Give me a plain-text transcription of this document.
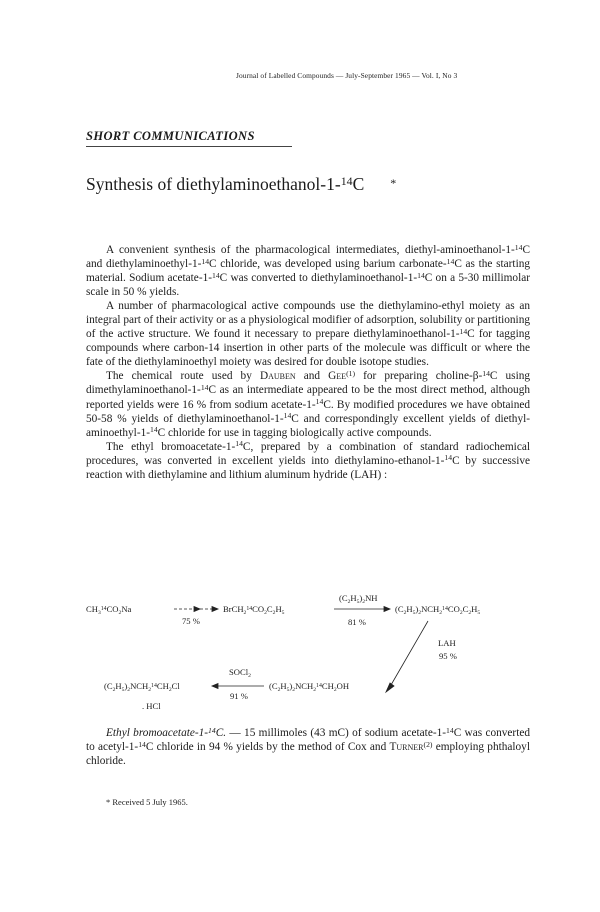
Journal of Labelled Compounds — July-September 1965 — Vol. I, No 3
SHORT COMMUNICATIONS
Synthesis of diethylaminoethanol-1-$^{14}$C *

A convenient synthesis of the pharmacological intermediates, diethyl-aminoethanol-1-$^{14}$C and diethylaminoethyl-1-$^{14}$C chloride, was developed using barium carbonate-$^{14}$C as the starting material. Sodium acetate-1-$^{14}$C was converted to diethylaminoethanol-1-$^{14}$C on a 5-30 millimolar scale in 50 % yields.

A number of pharmacological active compounds use the diethylamino-ethyl moiety as an integral part of their activity or as a physiological modifier of adsorption, solubility or partitioning of the active structure. We found it necessary to prepare diethylaminoethanol-1-$^{14}$C for tagging compounds where carbon-14 insertion in other parts of the molecule was difficult or where the fate of the diethylaminoethyl moiety was desired for double isotope studies.

The chemical route used by Dauben and Gee$^{(1)}$ for preparing choline-β-$^{14}$C using dimethylaminoethanol-1-$^{14}$C as an intermediate appeared to be the most direct method, although reported yields were 16 % from sodium acetate-1-$^{14}$C. By modified procedures we have obtained 50-58 % yields of diethylaminoethanol-1-$^{14}$C and correspondingly excellent yields of diethyl-aminoethyl-1-$^{14}$C chloride for use in tagging biologically active compounds.

The ethyl bromoacetate-1-$^{14}$C, prepared by a combination of standard radiochemical procedures, was converted in excellent yields into diethylamino-ethanol-1-$^{14}$C by successive reaction with diethylamine and lithium aluminum hydride (LAH) :

$CH_3^{14}CO_2Na$
75 %
$BrCH_2^{14}CO_2C_2H_5$
$(C_2H_5)_2NH$
81 %
$(C_2H_5)_2NCH_2^{14}CO_2C_2H_5$
LAH
95 %
$(C_2H_5)_2NCH_2^{14}CH_2OH$
SOCl$_2$
91 %
$(C_2H_5)_2NCH_2^{14}CH_2Cl$
. HCl

Ethyl bromoacetate-1-$^{14}$C. — 15 millimoles (43 mC) of sodium acetate-1-$^{14}$C was converted to acetyl-1-$^{14}$C chloride in 94 % yields by the method of Cox and Turner$^{(2)}$ employing phthaloyl chloride.

* Received 5 July 1965.
